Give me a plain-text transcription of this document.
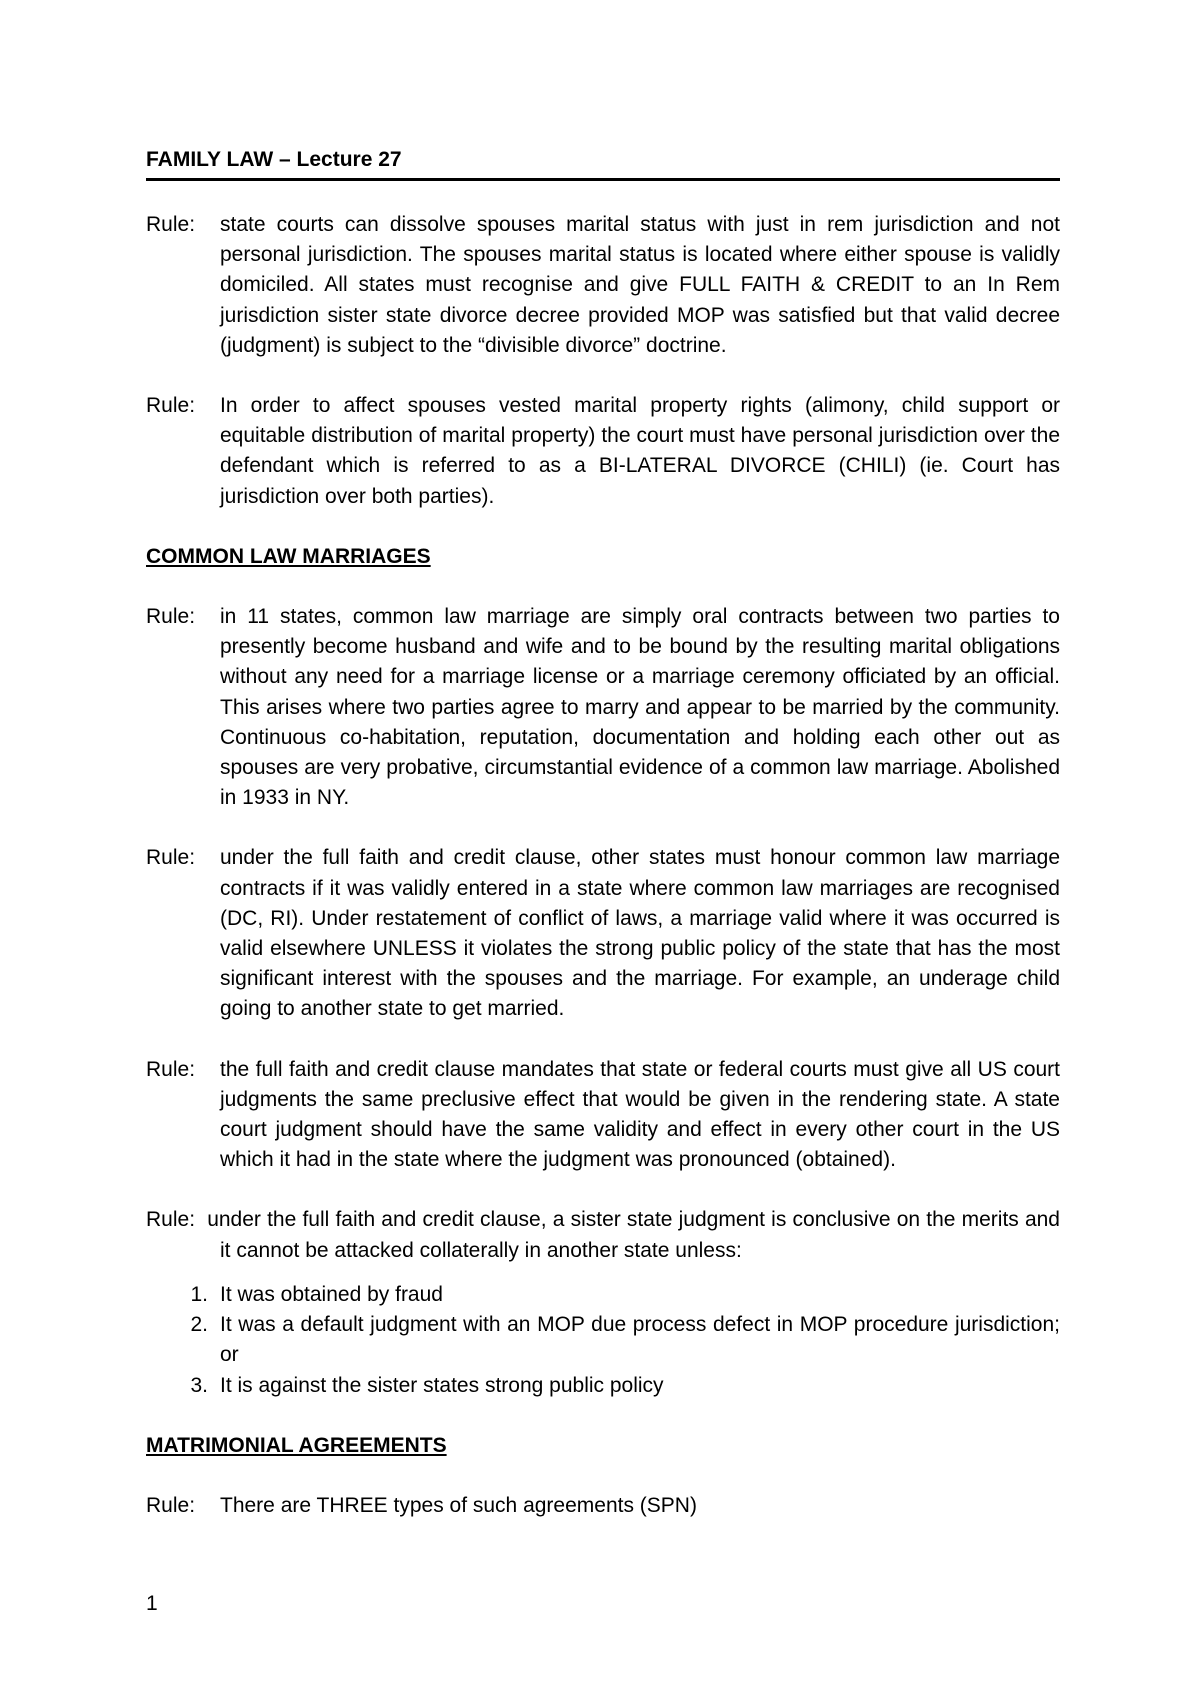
FAMILY LAW – Lecture 27
Rule:	state courts can dissolve spouses marital status with just in rem jurisdiction and not personal jurisdiction. The spouses marital status is located where either spouse is validly domiciled. All states must recognise and give FULL FAITH & CREDIT to an In Rem jurisdiction sister state divorce decree provided MOP was satisfied but that valid decree (judgment) is subject to the “divisible divorce” doctrine.
Rule:	In order to affect spouses vested marital property rights (alimony, child support or equitable distribution of marital property) the court must have personal jurisdiction over the defendant which is referred to as a BI-LATERAL DIVORCE (CHILI) (ie. Court has jurisdiction over both parties).
COMMON LAW MARRIAGES
Rule:	in 11 states, common law marriage are simply oral contracts between two parties to presently become husband and wife and to be bound by the resulting marital obligations without any need for a marriage license or a marriage ceremony officiated by an official. This arises where two parties agree to marry and appear to be married by the community. Continuous co-habitation, reputation, documentation and holding each other out as spouses are very probative, circumstantial evidence of a common law marriage. Abolished in 1933 in NY.
Rule:	under the full faith and credit clause, other states must honour common law marriage contracts if it was validly entered in a state where common law marriages are recognised (DC, RI). Under restatement of conflict of laws, a marriage valid where it was occurred is valid elsewhere UNLESS it violates the strong public policy of the state that has the most significant interest with the spouses and the marriage. For example, an underage child going to another state to get married.
Rule:	the full faith and credit clause mandates that state or federal courts must give all US court judgments the same preclusive effect that would be given in the rendering state. A state court judgment should have the same validity and effect in every other court in the US which it had in the state where the judgment was pronounced (obtained).
Rule: under the full faith and credit clause, a sister state judgment is conclusive on the merits and it cannot be attacked collaterally in another state unless:
1. It was obtained by fraud
2. It was a default judgment with an MOP due process defect in MOP procedure jurisdiction; or
3. It is against the sister states strong public policy
MATRIMONIAL AGREEMENTS
Rule:	There are THREE types of such agreements (SPN)
1
